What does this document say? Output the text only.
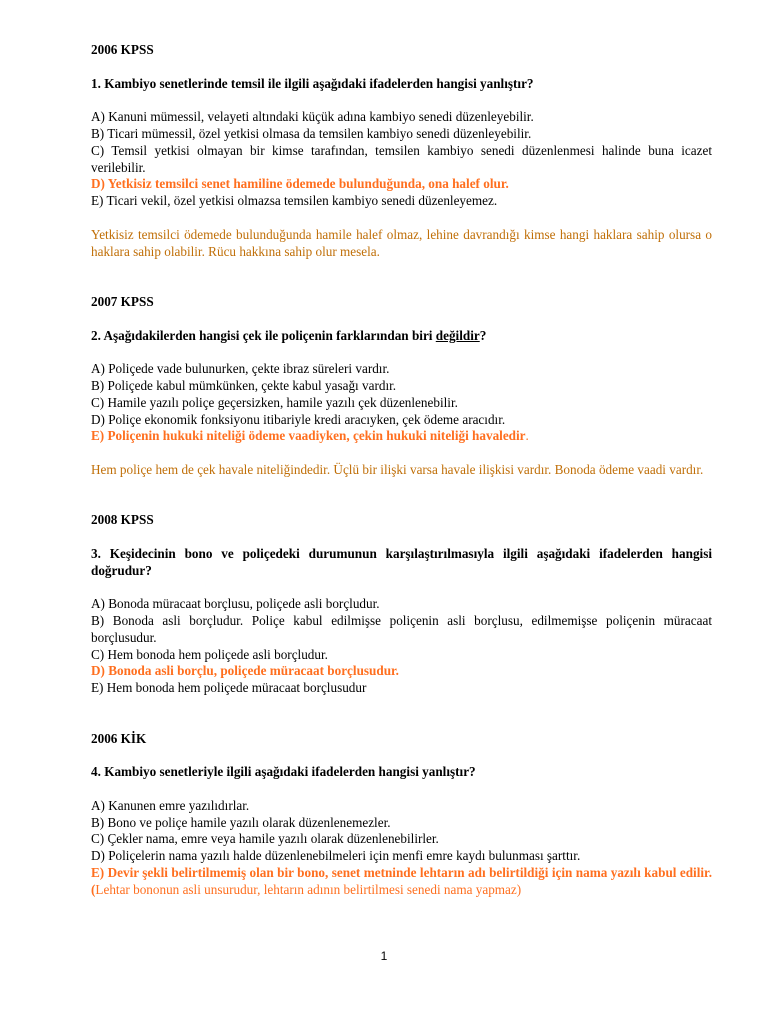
2006 KPSS

1. Kambiyo senetlerinde temsil ile ilgili aşağıdaki ifadelerden hangisi yanlıştır?

A) Kanuni mümessil, velayeti altındaki küçük adına kambiyo senedi düzenleyebilir.

B) Ticari mümessil, özel yetkisi olmasa da temsilen kambiyo senedi düzenleyebilir.

C) Temsil yetkisi olmayan bir kimse tarafından, temsilen kambiyo senedi düzenlenmesi halinde buna icazet verilebilir.

D) Yetkisiz temsilci senet hamiline ödemede bulunduğunda, ona halef olur.

E) Ticari vekil, özel yetkisi olmazsa temsilen kambiyo senedi düzenleyemez.

Yetkisiz temsilci ödemede bulunduğunda hamile halef olmaz, lehine davrandığı kimse hangi haklara sahip olursa o haklara sahip olabilir. Rücu hakkına sahip olur mesela.

2007 KPSS

2. Aşağıdakilerden hangisi çek ile poliçenin farklarından biri değildir?

A) Poliçede vade bulunurken, çekte ibraz süreleri vardır.

B) Poliçede kabul mümkünken, çekte kabul yasağı vardır.

C) Hamile yazılı poliçe geçersizken, hamile yazılı çek düzenlenebilir.

D) Poliçe ekonomik fonksiyonu itibariyle kredi aracıyken, çek ödeme aracıdır.

E) Poliçenin hukuki niteliği ödeme vaadiyken, çekin hukuki niteliği havaledir.

Hem poliçe hem de çek havale niteliğindedir. Üçlü bir ilişki varsa havale ilişkisi vardır. Bonoda ödeme vaadi vardır.

2008 KPSS

3. Keşidecinin bono ve poliçedeki durumunun karşılaştırılmasıyla ilgili aşağıdaki ifadelerden hangisi doğrudur?

A) Bonoda müracaat borçlusu, poliçede asli borçludur.

B) Bonoda asli borçludur. Poliçe kabul edilmişse poliçenin asli borçlusu, edilmemişse poliçenin müracaat borçlusudur.

C) Hem bonoda hem poliçede asli borçludur.

D) Bonoda asli borçlu, poliçede müracaat borçlusudur.

E) Hem bonoda hem poliçede müracaat borçlusudur

2006 KİK

4. Kambiyo senetleriyle ilgili aşağıdaki ifadelerden hangisi yanlıştır?

A) Kanunen emre yazılıdırlar.

B) Bono ve poliçe hamile yazılı olarak düzenlenemezler.

C) Çekler nama, emre veya hamile yazılı olarak düzenlenebilirler.

D) Poliçelerin nama yazılı halde düzenlenebilmeleri için menfi emre kaydı bulunması şarttır.

E) Devir şekli belirtilmemiş olan bir bono, senet metninde lehtarın adı belirtildiği için nama yazılı kabul edilir. (Lehtar bononun asli unsurudur, lehtarın adının belirtilmesi senedi nama yapmaz)

1
